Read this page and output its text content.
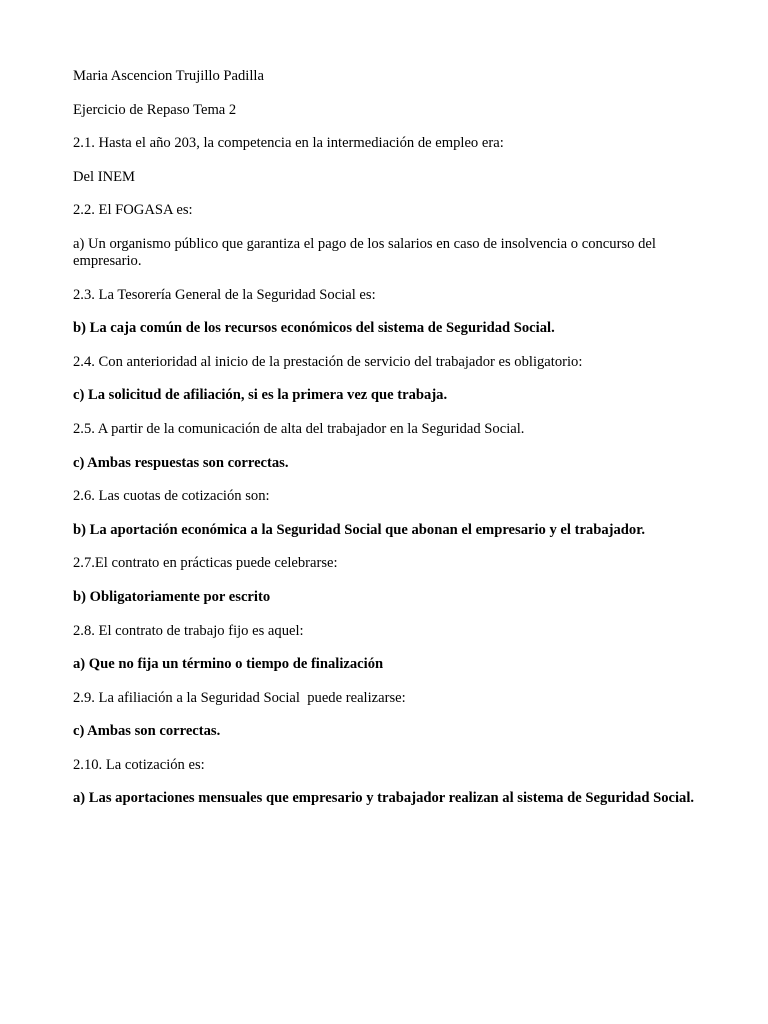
Maria Ascencion Trujillo Padilla

Ejercicio de Repaso Tema 2

2.1. Hasta el año 203, la competencia en la intermediación de empleo era:

Del INEM

2.2. El FOGASA es:

a) Un organismo público que garantiza el pago de los salarios en caso de insolvencia o concurso del empresario.

2.3. La Tesorería General de la Seguridad Social es:

b) La caja común de los recursos económicos del sistema de Seguridad Social.

2.4. Con anterioridad al inicio de la prestación de servicio del trabajador es obligatorio:

c) La solicitud de afiliación, si es la primera vez que trabaja.

2.5. A partir de la comunicación de alta del trabajador en la Seguridad Social.

c) Ambas respuestas son correctas.

2.6. Las cuotas de cotización son:

b) La aportación económica a la Seguridad Social que abonan el empresario y el trabajador.

2.7.El contrato en prácticas puede celebrarse:

b) Obligatoriamente por escrito

2.8. El contrato de trabajo fijo es aquel:

a) Que no fija un término o tiempo de finalización

2.9. La afiliación a la Seguridad Social  puede realizarse:

c) Ambas son correctas.

2.10. La cotización es:

a) Las aportaciones mensuales que empresario y trabajador realizan al sistema de Seguridad Social.
